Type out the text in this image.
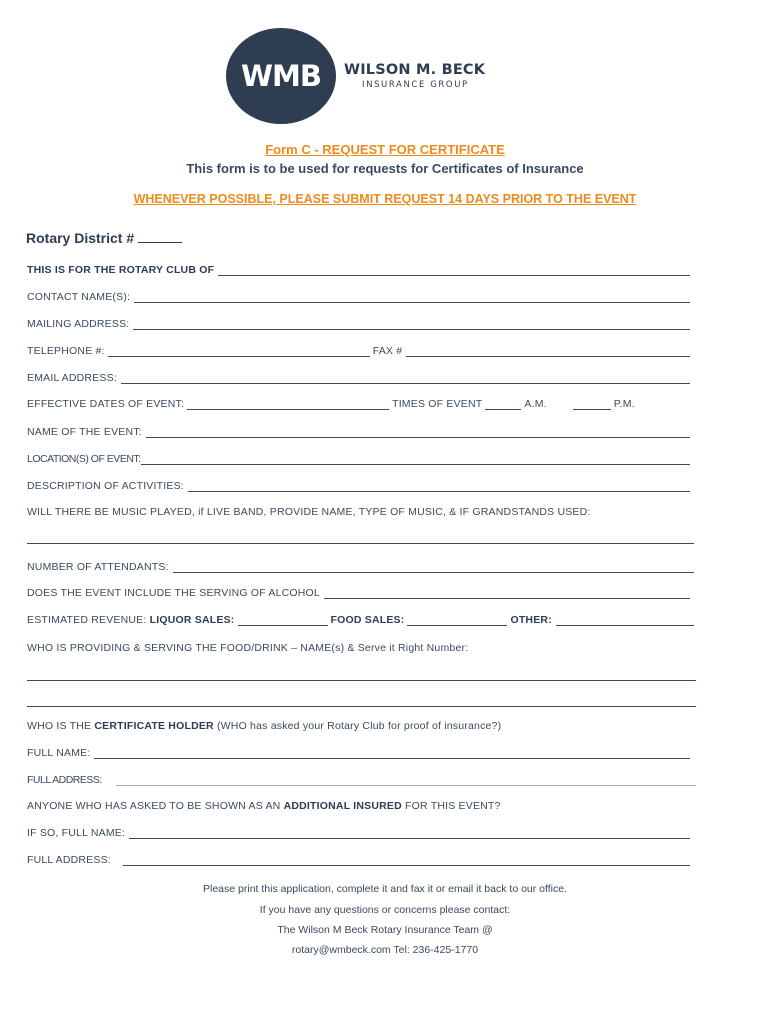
WMB WILSON M. BECK
INSURANCE GROUP
Form C - REQUEST FOR CERTIFICATE
This form is to be used for requests for Certificates of Insurance
WHENEVER POSSIBLE, PLEASE SUBMIT REQUEST 14 DAYS PRIOR TO THE EVENT
Rotary District #
THIS IS FOR THE ROTARY CLUB OF
CONTACT NAME(S):
MAILING ADDRESS:
TELEPHONE #:	FAX #
EMAIL ADDRESS:
EFFECTIVE DATES OF EVENT:	TIMES OF EVENT	A.M.	P.M.
NAME OF THE EVENT:
LOCATION(S) OF EVENT:
DESCRIPTION OF ACTIVITIES:
WILL THERE BE MUSIC PLAYED, if LIVE BAND, PROVIDE NAME, TYPE OF MUSIC, & IF GRANDSTANDS USED:
NUMBER OF ATTENDANTS:
DOES THE EVENT INCLUDE THE SERVING OF ALCOHOL
ESTIMATED REVENUE:
LIQUOR SALES:	FOOD SALES:	OTHER:
WHO IS PROVIDING & SERVING THE FOOD/DRINK – NAME(s) & Serve it Right Number:
WHO IS THE
CERTIFICATE HOLDER
(WHO has asked your Rotary Club for proof of insurance?)
FULL NAME:
FULL ADDRESS:
ANYONE WHO HAS ASKED TO BE SHOWN AS AN
ADDITIONAL INSURED
FOR THIS EVENT?
IF SO, FULL NAME:
FULL ADDRESS:
Please print this application, complete it and fax it or email it back to our office.
If you have any questions or concerns please contact:
The Wilson M Beck Rotary Insurance Team @
rotary@wmbeck.com Tel: 236-425-1770
